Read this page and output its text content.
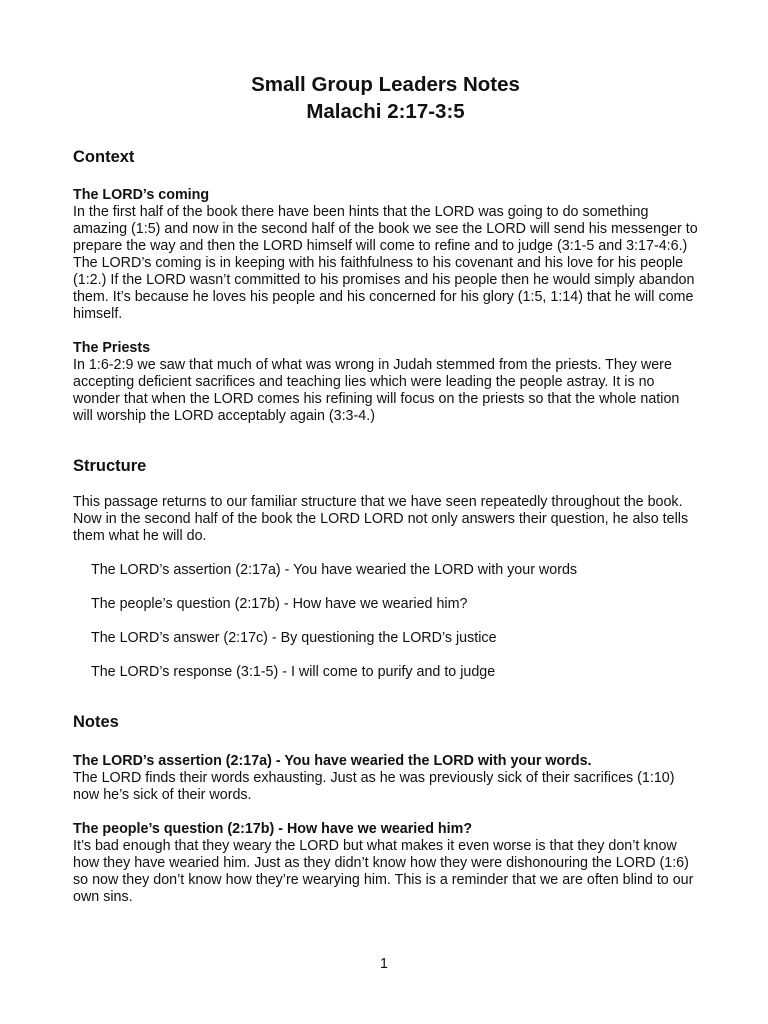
Small Group Leaders Notes
Malachi 2:17-3:5
Context
The LORD’s coming

In the first half of the book there have been hints that the LORD was going to do something amazing (1:5) and now in the second half of the book we see the LORD will send his messenger to prepare the way and then the LORD himself will come to refine and to judge (3:1-5 and 3:17-4:6.) The LORD’s coming is in keeping with his faithfulness to his covenant and his love for his people (1:2.) If the LORD wasn’t committed to his promises and his people then he would simply abandon them. It’s because he loves his people and his concerned for his glory (1:5, 1:14) that he will come himself.

The Priests

In 1:6-2:9 we saw that much of what was wrong in Judah stemmed from the priests. They were accepting deficient sacrifices and teaching lies which were leading the people astray. It is no wonder that when the LORD comes his refining will focus on the priests so that the whole nation will worship the LORD acceptably again (3:3-4.)

Structure

This passage returns to our familiar structure that we have seen repeatedly throughout the book. Now in the second half of the book the LORD LORD not only answers their question, he also tells them what he will do.

The LORD’s assertion (2:17a) - You have wearied the LORD with your words

The people’s question (2:17b) - How have we wearied him?

The LORD’s answer (2:17c) - By questioning the LORD’s justice

The LORD’s response (3:1-5) - I will come to purify and to judge

Notes
The LORD’s assertion (2:17a) - You have wearied the LORD with your words.

The LORD finds their words exhausting. Just as he was previously sick of their sacrifices (1:10) now he’s sick of their words.

The people’s question (2:17b) - How have we wearied him?

It’s bad enough that they weary the LORD but what makes it even worse is that they don’t know how they have wearied him. Just as they didn’t know how they were dishonouring the LORD (1:6) so now they don’t know how they’re wearying him. This is a reminder that we are often blind to our own sins.

1
